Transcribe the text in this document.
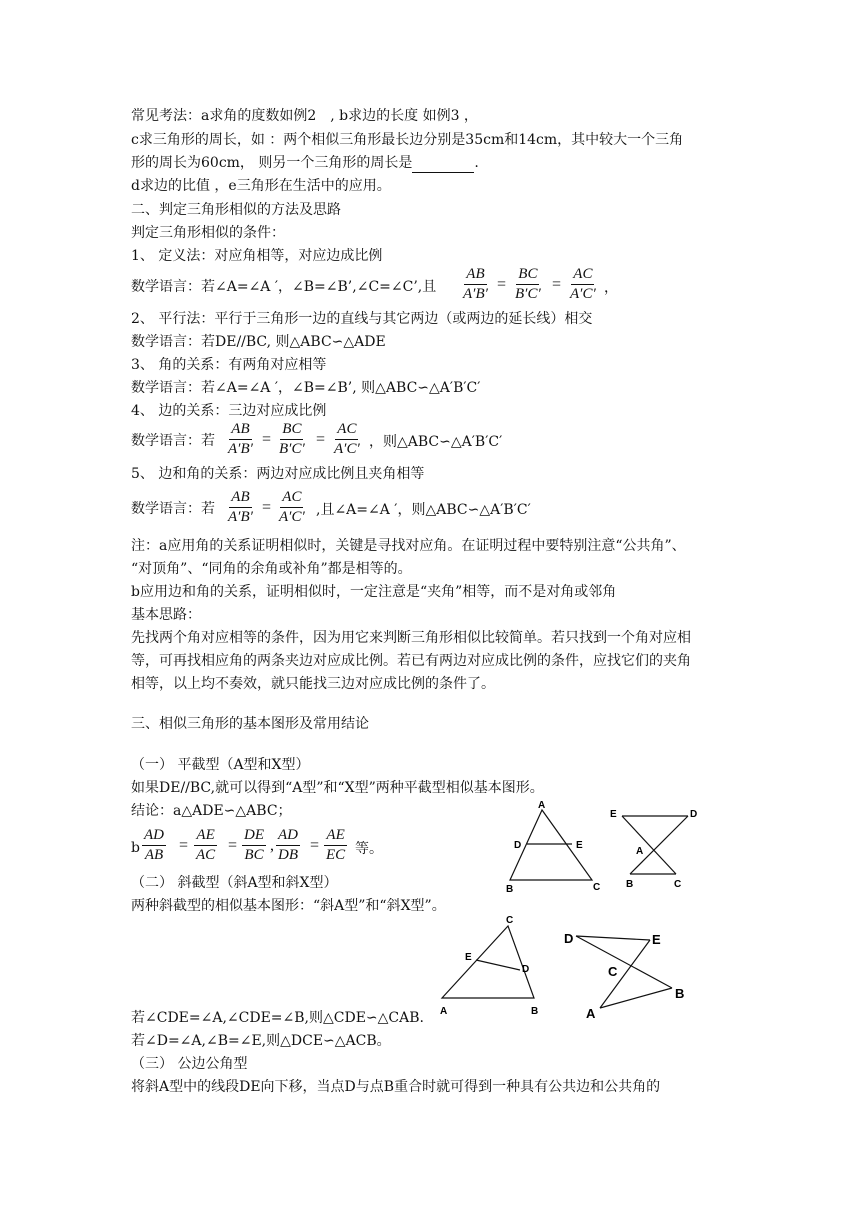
常见考法：a求角的度数如例2　, b求边的长度 如例3 ，
c求三角形的周长，如 ：两个相似三角形最长边分别是35cm和14cm，其中较大一个三角
形的周长为60cm， 则另一个三角形的周长是	.
d求边的比值 ，e三角形在生活中的应用。
二、判定三角形相似的方法及思路
判定三角形相似的条件：
1、 定义法：对应角相等，对应边成比例
数学语言：若∠A=∠A ′，∠B=∠B’,∠C=∠C’,且 $\frac{AB}{A'B'} = \frac{BC}{B'C'} = \frac{AC}{A'C'}$ ，
2、 平行法：平行于三角形一边的直线与其它两边（或两边的延长线）相交
数学语言：若DE//BC, 则△ABC∽△ADE
3、 角的关系：有两角对应相等
数学语言：若∠A=∠A ′，∠B=∠B’, 则△ABC∽△A′B′C′
4、 边的关系：三边对应成比例
数学语言：若 $\frac{AB}{A'B'} = \frac{BC}{B'C'} = \frac{AC}{A'C'}$ ，则△ABC∽△A′B′C′
5、 边和角的关系：两边对应成比例且夹角相等
数学语言：若 $\frac{AB}{A'B'} = \frac{AC}{A'C'}$ ,且∠A=∠A ′，则△ABC∽△A′B′C′
注：a应用角的关系证明相似时，关键是寻找对应角。在证明过程中要特别注意“公共角”、
“对顶角”、“同角的余角或补角”都是相等的。
b应用边和角的关系，证明相似时，一定注意是“夹角”相等，而不是对角或邻角
基本思路：
先找两个角对应相等的条件，因为用它来判断三角形相似比较简单。若只找到一个角对应相
等，可再找相应角的两条夹边对应成比例。若已有两边对应成比例的条件，应找它们的夹角
相等，以上均不奏效，就只能找三边对应成比例的条件了。
三、相似三角形的基本图形及常用结论
（一） 平截型（A型和X型）
如果DE//BC,就可以得到“A型”和“X型”两种平截型相似基本图形。
结论：a△ADE∽△ABC；
b $\frac{AD}{AB} = \frac{AE}{AC} = \frac{DE}{BC}$ , $\frac{AD}{DB} = \frac{AE}{EC}$ 等。
（二） 斜截型（斜A型和斜X型）
两种斜截型的相似基本图形：“斜A型”和“斜X型”。
若∠CDE=∠A,∠CDE=∠B,则△CDE∽△CAB.
若∠D=∠A,∠B=∠E,则△DCE∽△ACB。
（三） 公边公角型
将斜A型中的线段DE向下移，当点D与点B重合时就可得到一种具有公共边和公共角的
A
D	E
B	C
E	D
A
B	C
C
E
D
A	B
D	E
C
B
A
